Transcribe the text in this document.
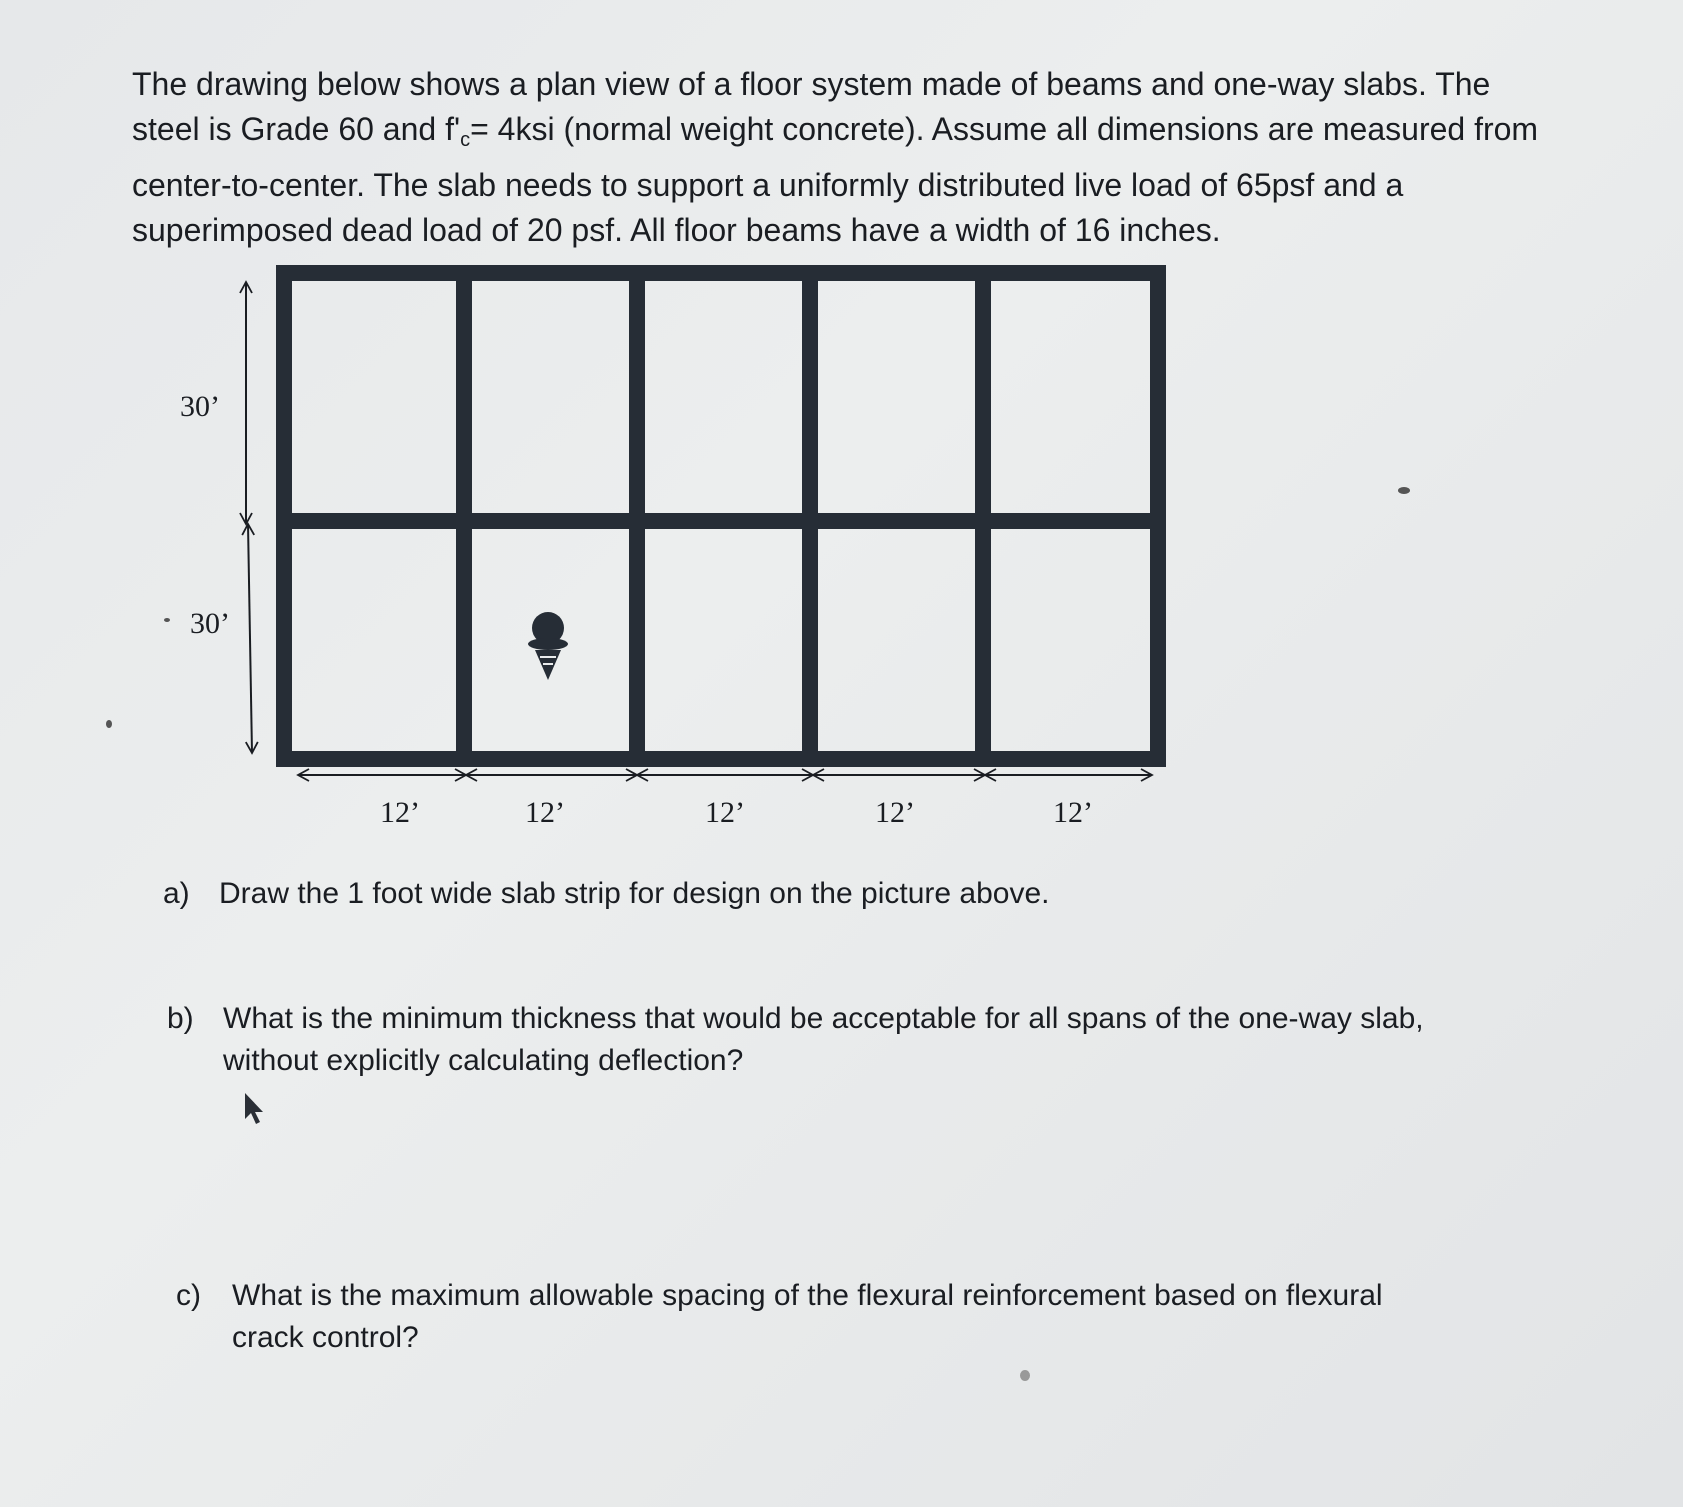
The drawing below shows a plan view of a floor system made of beams and one-way slabs. The steel is Grade 60 and $f'_c= 4ksi$ (normal weight concrete). Assume all dimensions are measured from center-to-center. The slab needs to support a uniformly distributed live load of 65psf and a superimposed dead load of 20 psf. All floor beams have a width of 16 inches.

30’
30’
12’	12’	12’	12’	12’
a) Draw the 1 foot wide slab strip for design on the picture above.
b) What is the minimum thickness that would be acceptable for all spans of the one-way slab,
without explicitly calculating deflection?
c) What is the maximum allowable spacing of the flexural reinforcement based on flexural
crack control?
